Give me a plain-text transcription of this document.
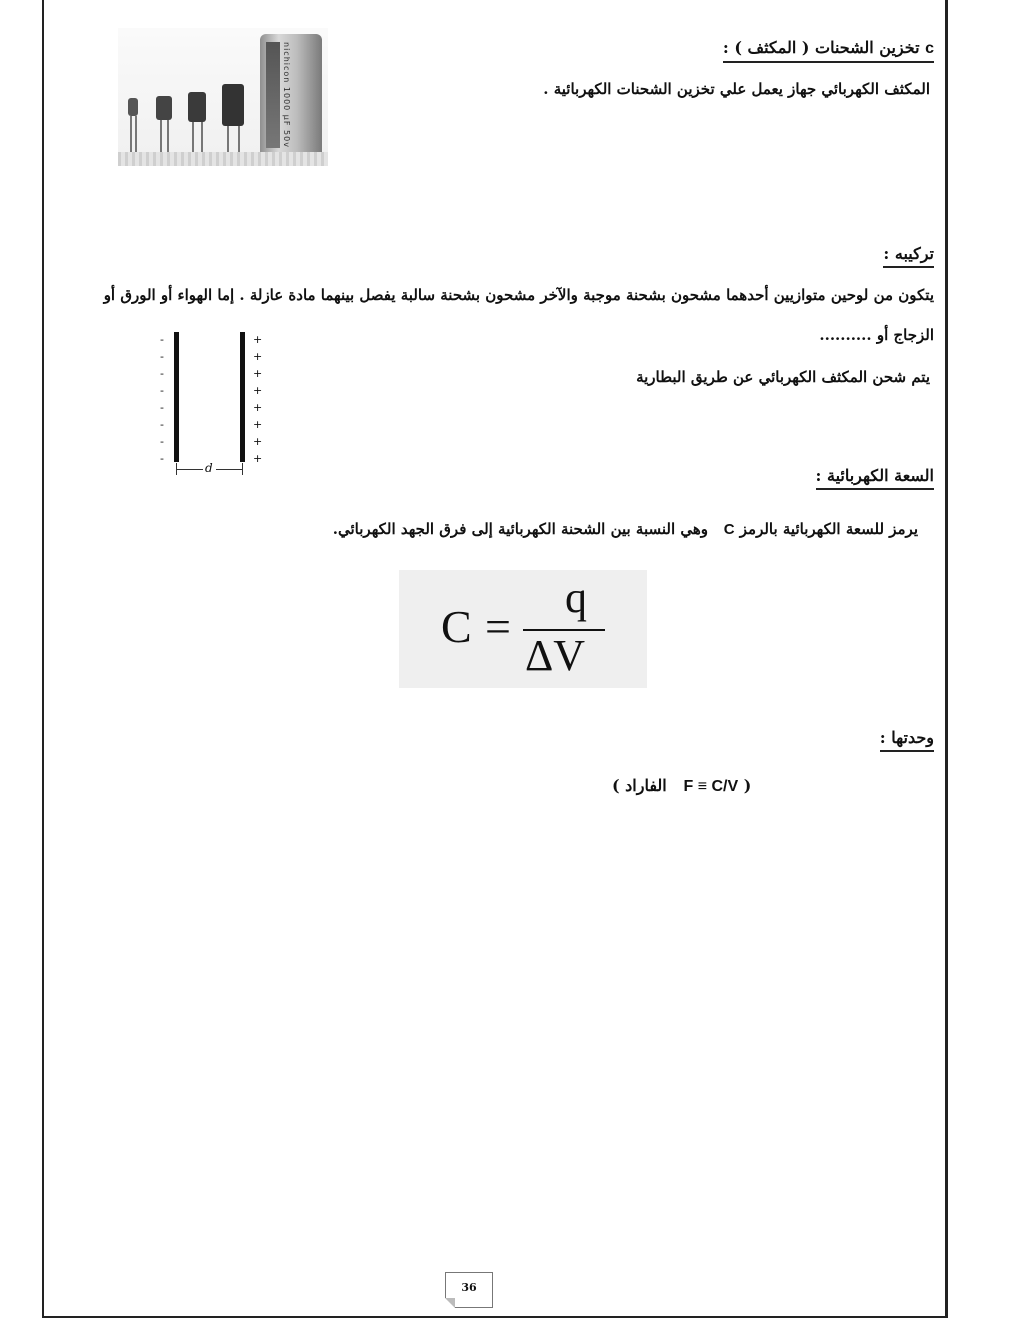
c تخزين الشحنات ( المكثف ) :
المكثف الكهربائي جهاز يعمل علي تخزين الشحنات الكهربائية .
nichicon 1000 µF 50v
تركيبه :
يتكون من لوحين متوازيين أحدهما مشحون بشحنة موجبة والآخر مشحون بشحنة سالبة يفصل بينهما مادة عازلة . إما الهواء أو الورق أو
الزجاج أو ..........
يتم شحن المكثف الكهربائي عن طريق البطارية
-	+
-	+
-	+
-	+
-	+
-	+
-	+
-	+
d	السعة الكهربائية :
يرمز للسعة الكهربائية بالرمز C   وهي النسبة بين الشحنة الكهربائية إلى فرق الجهد الكهربائي.
C =
q
ΔV
وحدتها :
( الفاراد F ≡ C/V )
36
